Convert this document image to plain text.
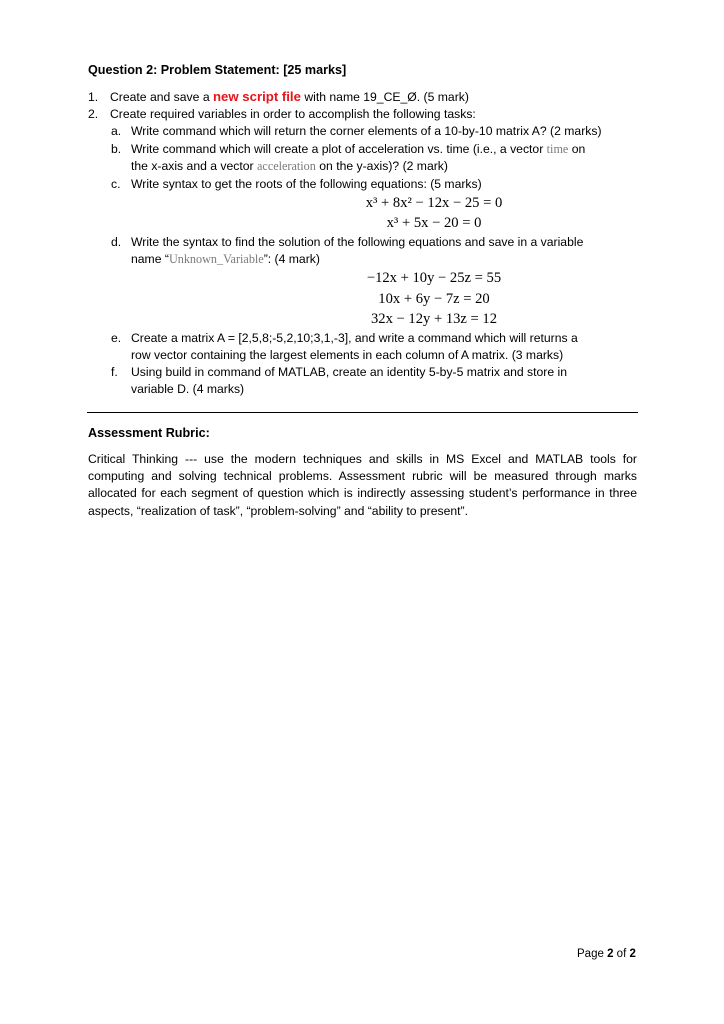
Question 2: Problem Statement: [25 marks]
1. Create and save a new script file with name 19_CE_Ø. (5 mark)
2. Create required variables in order to accomplish the following tasks:
a. Write command which will return the corner elements of a 10-by-10 matrix A? (2 marks)
b. Write command which will create a plot of acceleration vs. time (i.e., a vector time on
the x-axis and a vector acceleration on the y-axis)? (2 mark)
c. Write syntax to get the roots of the following equations: (5 marks)
x³ + 8x² − 12x − 25 = 0
x³ + 5x − 20 = 0
d. Write the syntax to find the solution of the following equations and save in a variable
name “Unknown_Variable”: (4 mark)
−12x + 10y − 25z = 55
10x + 6y − 7z = 20
32x − 12y + 13z = 12
e. Create a matrix A = [2,5,8;-5,2,10;3,1,-3], and write a command which will returns a
row vector containing the largest elements in each column of A matrix. (3 marks)
f. Using build in command of MATLAB, create an identity 5-by-5 matrix and store in
variable D. (4 marks)
Assessment Rubric:
Critical Thinking --- use the modern techniques and skills in MS Excel and MATLAB tools for computing and solving technical problems. Assessment rubric will be measured through marks allocated for each segment of question which is indirectly assessing student’s performance in three aspects, “realization of task”, “problem-solving” and “ability to present”.
Page 2 of 2
